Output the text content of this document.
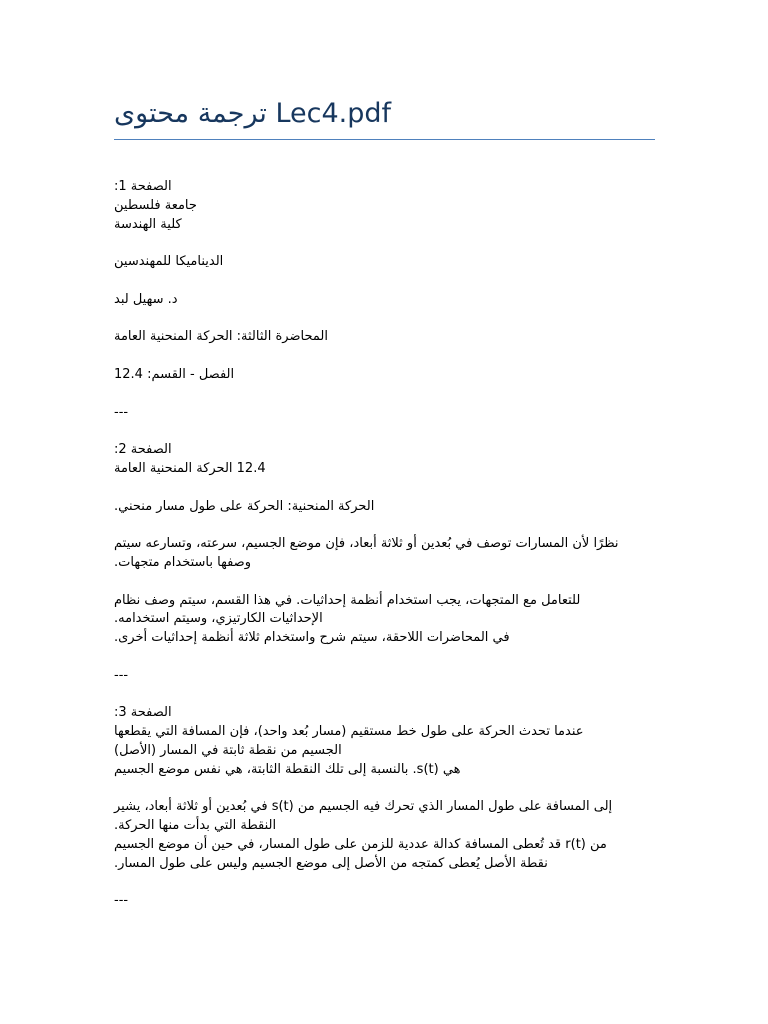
ترجمة محتوى Lec4.pdf
الصفحة 1:
جامعة فلسطين
كلية الهندسة
الديناميكا للمهندسين
د. سهيل لبد
المحاضرة الثالثة: الحركة المنحنية العامة
الفصل - القسم: 12.4
---
الصفحة 2:
12.4 الحركة المنحنية العامة
الحركة المنحنية: الحركة على طول مسار منحني.
نظرًا لأن المسارات توصف في بُعدين أو ثلاثة أبعاد، فإن موضع الجسيم، سرعته، وتسارعه سيتم
وصفها باستخدام متجهات.
للتعامل مع المتجهات، يجب استخدام أنظمة إحداثيات. في هذا القسم، سيتم وصف نظام
الإحداثيات الكارتيزي، وسيتم استخدامه.
في المحاضرات اللاحقة، سيتم شرح واستخدام ثلاثة أنظمة إحداثيات أخرى.
---
الصفحة 3:
عندما تحدث الحركة على طول خط مستقيم (مسار بُعد واحد)، فإن المسافة التي يقطعها
الجسيم من نقطة ثابتة في المسار (الأصل)
هي s(t). بالنسبة إلى تلك النقطة الثابتة، هي نفس موضع الجسيم
إلى المسافة على طول المسار الذي تحرك فيه الجسيم من s(t) في بُعدين أو ثلاثة أبعاد، يشير
النقطة التي بدأت منها الحركة.
من r(t) قد تُعطى المسافة كدالة عددية للزمن على طول المسار، في حين أن موضع الجسيم
نقطة الأصل يُعطى كمتجه من الأصل إلى موضع الجسيم وليس على طول المسار.
---
